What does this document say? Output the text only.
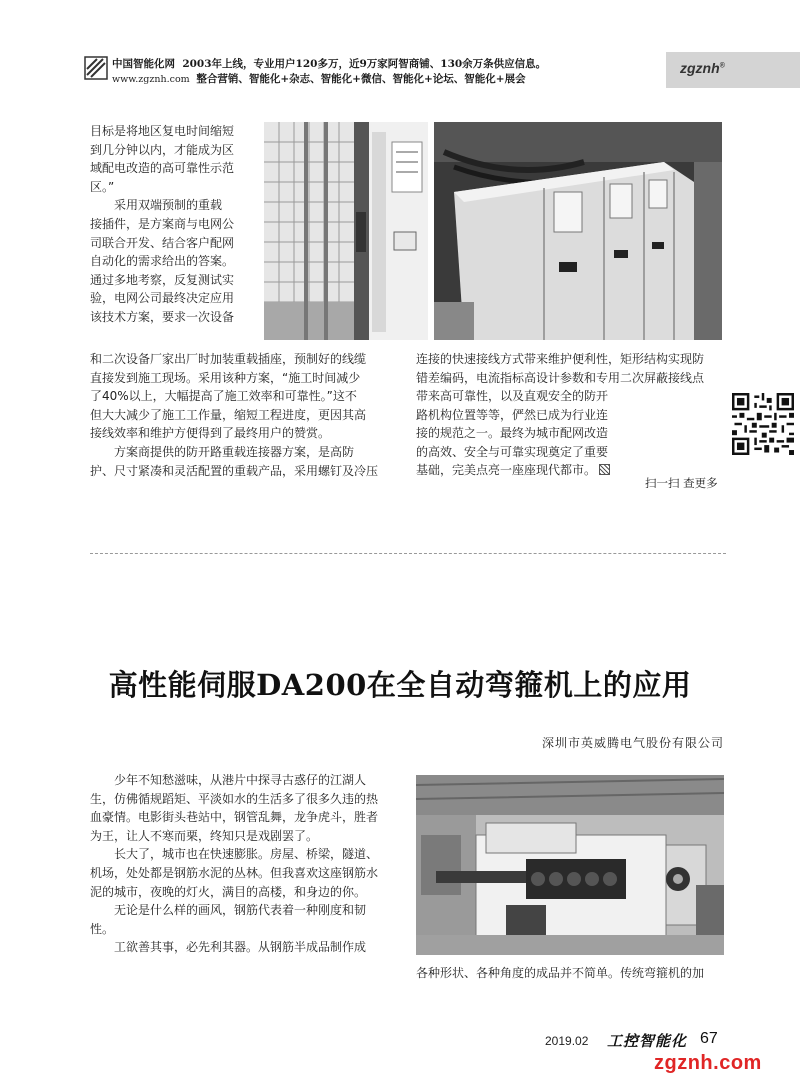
中国智能化网 2003年上线，专业用户120多万，近9万家阿智商铺、130余万条供应信息。
www.zgznh.com 整合营销、智能化+杂志、智能化+微信、智能化+论坛、智能化+展会
zgznh®
目标是将地区复电时间缩短
到几分钟以内，才能成为区
域配电改造的高可靠性示范
区。”
　　采用双端预制的重载
接插件，是方案商与电网公
司联合开发、结合客户配网
自动化的需求给出的答案。
通过多地考察，反复测试实
验，电网公司最终决定应用
该技术方案，要求一次设备
和二次设备厂家出厂时加装重载插座，预制好的线缆
直接发到施工现场。采用该种方案，“施工时间减少
了40%以上，大幅提高了施工效率和可靠性。”这不
但大大减少了施工工作量，缩短工程进度，更因其高
接线效率和维护方便得到了最终用户的赞赏。
　　方案商提供的防开路重载连接器方案，是高防
护、尺寸紧凑和灵活配置的重载产品，采用螺钉及冷压
连接的快速接线方式带来维护便利性，矩形结构实现防
错差编码，电流指标高设计参数和专用二次屏蔽接线点
带来高可靠性，以及直观安全的防开
路机构位置等等，俨然已成为行业连
接的规范之一。最终为城市配网改造
的高效、安全与可靠实现奠定了重要
基础，完美点亮一座座现代都市。
扫一扫 查更多
高性能伺服DA200在全自动弯箍机上的应用
深圳市英威腾电气股份有限公司
　　少年不知愁滋味，从港片中探寻古惑仔的江湖人
生，仿佛循规蹈矩、平淡如水的生活多了很多久违的热
血豪情。电影街头巷站中，钢管乱舞，龙争虎斗，胜者
为王，让人不寒而栗，终知只是戏剧罢了。
　　长大了，城市也在快速膨胀。房屋、桥梁，隧道、
机场，处处都是钢筋水泥的丛林。但我喜欢这座钢筋水
泥的城市，夜晚的灯火，满目的高楼，和身边的你。
　　无论是什么样的画风，钢筋代表着一种刚度和韧
性。
　　工欲善其事，必先利其器。从钢筋半成品制作成
各种形状、各种角度的成品并不简单。传统弯箍机的加
2019.02 工控智能化 67
zgznh.com
